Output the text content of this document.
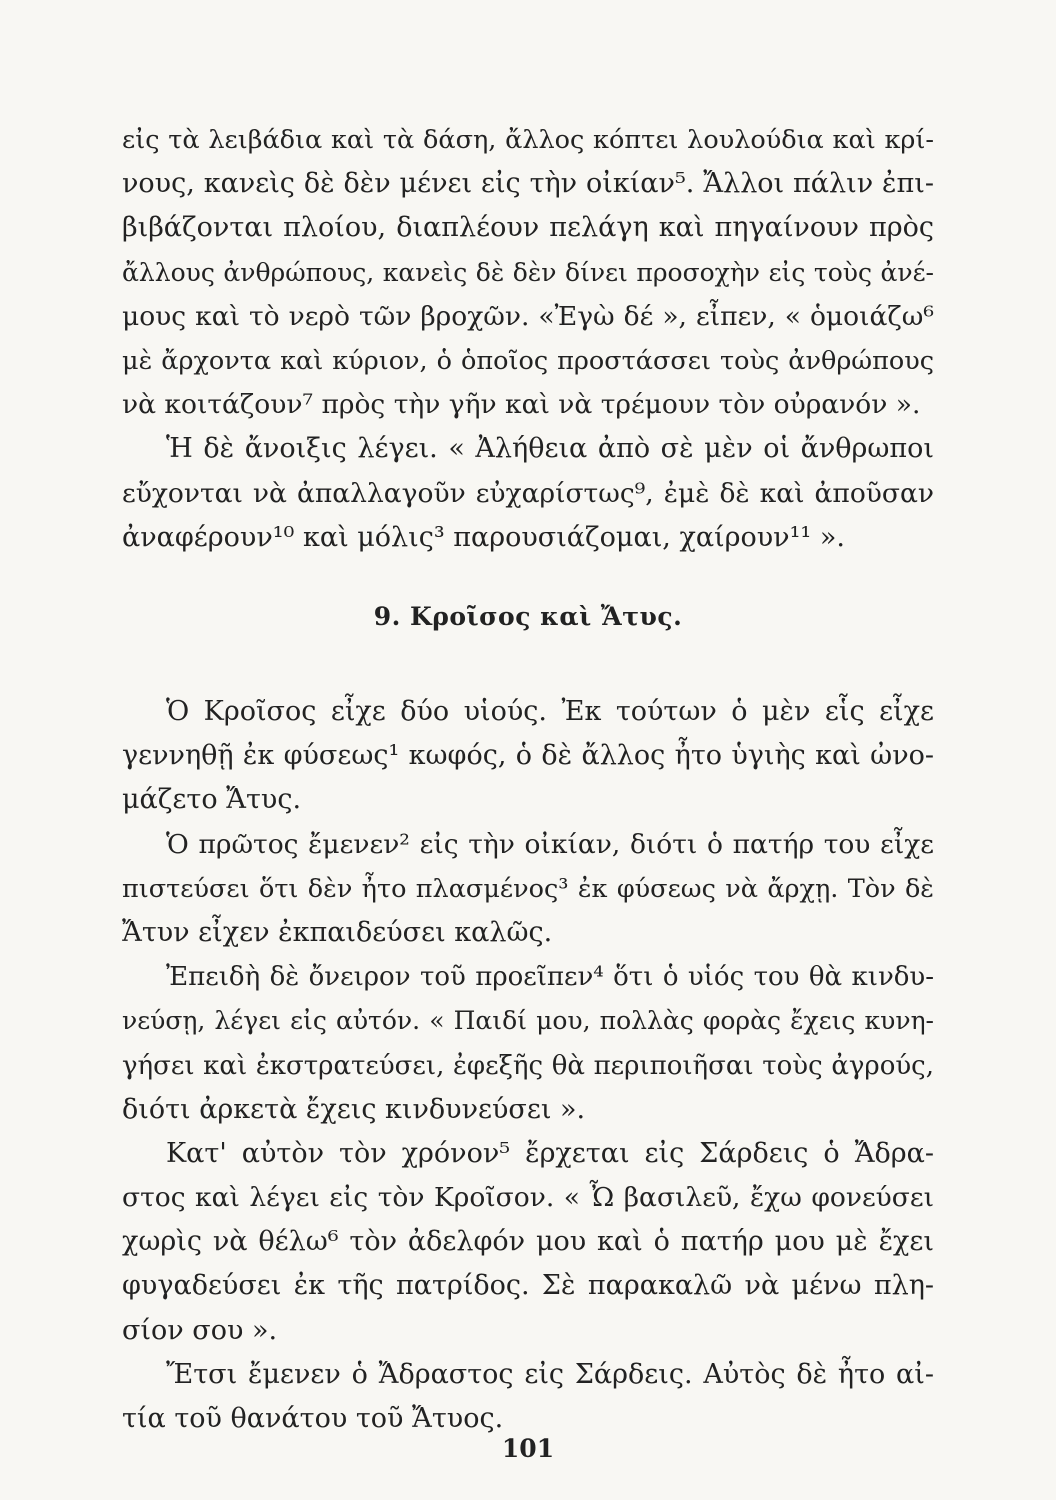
εἰς τὰ λειβάδια καὶ τὰ δάση, ἄλλος κόπτει λουλούδια καὶ κρί-
νους, κανεὶς δὲ δὲν μένει εἰς τὴν οἰκίαν⁵. Ἄλλοι πάλιν ἐπι-
βιβάζονται πλοίου, διαπλέουν πελάγη καὶ πηγαίνουν πρὸς
ἄλλους ἀνθρώπους, κανεὶς δὲ δὲν δίνει προσοχὴν εἰς τοὺς ἀνέ-
μους καὶ τὸ νερὸ τῶν βροχῶν. «Ἐγὼ δέ », εἶπεν, « ὁμοιάζω⁶
μὲ ἄρχοντα καὶ κύριον, ὁ ὁποῖος προστάσσει τοὺς ἀνθρώπους
νὰ κοιτάζουν⁷ πρὸς τὴν γῆν καὶ νὰ τρέμουν τὸν οὐρανόν ».
Ἡ δὲ ἄνοιξις λέγει. « Ἀλήθεια ἀπὸ σὲ μὲν οἱ ἄνθρωποι
εὔχονται νὰ ἀπαλλαγοῦν εὐχαρίστως⁹, ἐμὲ δὲ καὶ ἀποῦσαν
ἀναφέρουν¹⁰ καὶ μόλις³ παρουσιάζομαι, χαίρουν¹¹ ».
9. Κροῖσος καὶ Ἄτυς.
Ὁ Κροῖσος εἶχε δύο υἱούς. Ἐκ τούτων ὁ μὲν εἷς εἶχε
γεννηθῇ ἐκ φύσεως¹ κωφός, ὁ δὲ ἄλλος ἦτο ὑγιὴς καὶ ὠνο-
μάζετο Ἄτυς.
Ὁ πρῶτος ἔμενεν² εἰς τὴν οἰκίαν, διότι ὁ πατήρ του εἶχε
πιστεύσει ὅτι δὲν ἦτο πλασμένος³ ἐκ φύσεως νὰ ἄρχῃ. Τὸν δὲ
Ἄτυν εἶχεν ἐκπαιδεύσει καλῶς.
Ἐπειδὴ δὲ ὄνειρον τοῦ προεῖπεν⁴ ὅτι ὁ υἱός του θὰ κινδυ-
νεύσῃ, λέγει εἰς αὐτόν. « Παιδί μου, πολλὰς φορὰς ἔχεις κυνη-
γήσει καὶ ἐκστρατεύσει, ἐφεξῆς θὰ περιποιῆσαι τοὺς ἀγρούς,
διότι ἀρκετὰ ἔχεις κινδυνεύσει ».
Κατ' αὐτὸν τὸν χρόνον⁵ ἔρχεται εἰς Σάρδεις ὁ Ἄδρα-
στος καὶ λέγει εἰς τὸν Κροῖσον. « Ὦ βασιλεῦ, ἔχω φονεύσει
χωρὶς νὰ θέλω⁶ τὸν ἀδελφόν μου καὶ ὁ πατήρ μου μὲ ἔχει
φυγαδεύσει ἐκ τῆς πατρίδος. Σὲ παρακαλῶ νὰ μένω πλη-
σίον σου ».
Ἔτσι ἔμενεν ὁ Ἄδραστος εἰς Σάρδεις. Αὐτὸς δὲ ἦτο αἰ-
τία τοῦ θανάτου τοῦ Ἄτυος.
101
